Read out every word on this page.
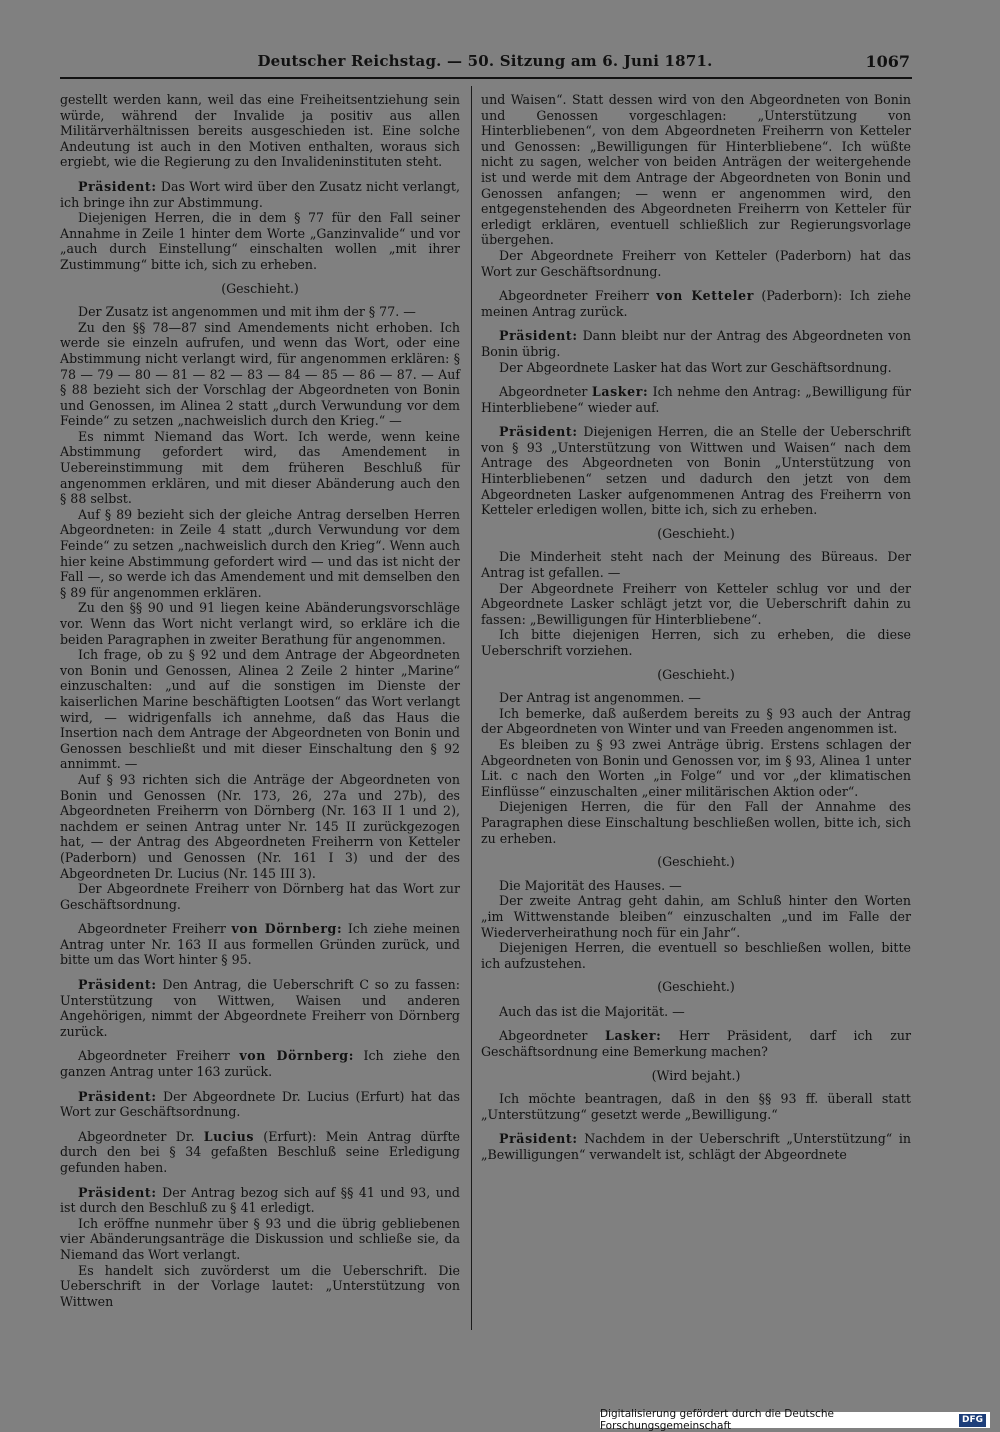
Deutscher Reichstag. — 50. Sitzung am 6. Juni 1871.	1067

gestellt werden kann, weil das eine Freiheitsentziehung sein würde, während der Invalide ja positiv aus allen Militärverhältnissen bereits ausgeschieden ist. Eine solche Andeutung ist auch in den Motiven enthalten, woraus sich ergiebt, wie die Regierung zu den Invalideninstituten steht.

Präsident: Das Wort wird über den Zusatz nicht verlangt, ich bringe ihn zur Abstimmung.

Diejenigen Herren, die in dem § 77 für den Fall seiner Annahme in Zeile 1 hinter dem Worte „Ganzinvalide“ und vor „auch durch Einstellung“ einschalten wollen „mit ihrer Zustimmung“ bitte ich, sich zu erheben.

(Geschieht.)

Der Zusatz ist angenommen und mit ihm der § 77. —

Zu den §§ 78—87 sind Amendements nicht erhoben. Ich werde sie einzeln aufrufen, und wenn das Wort, oder eine Abstimmung nicht verlangt wird, für angenommen erklären: § 78 — 79 — 80 — 81 — 82 — 83 — 84 — 85 — 86 — 87. — Auf § 88 bezieht sich der Vorschlag der Abgeordneten von Bonin und Genossen, im Alinea 2 statt „durch Verwundung vor dem Feinde“ zu setzen „nachweislich durch den Krieg.“ —

Es nimmt Niemand das Wort. Ich werde, wenn keine Abstimmung gefordert wird, das Amendement in Uebereinstimmung mit dem früheren Beschluß für angenommen erklären, und mit dieser Abänderung auch den § 88 selbst.

Auf § 89 bezieht sich der gleiche Antrag derselben Herren Abgeordneten: in Zeile 4 statt „durch Verwundung vor dem Feinde“ zu setzen „nachweislich durch den Krieg“. Wenn auch hier keine Abstimmung gefordert wird — und das ist nicht der Fall —, so werde ich das Amendement und mit demselben den § 89 für angenommen erklären.

Zu den §§ 90 und 91 liegen keine Abänderungsvorschläge vor. Wenn das Wort nicht verlangt wird, so erkläre ich die beiden Paragraphen in zweiter Berathung für angenommen.

Ich frage, ob zu § 92 und dem Antrage der Abgeordneten von Bonin und Genossen, Alinea 2 Zeile 2 hinter „Marine“ einzuschalten: „und auf die sonstigen im Dienste der kaiserlichen Marine beschäftigten Lootsen“ das Wort verlangt wird, — widrigenfalls ich annehme, daß das Haus die Insertion nach dem Antrage der Abgeordneten von Bonin und Genossen beschließt und mit dieser Einschaltung den § 92 annimmt. —

Auf § 93 richten sich die Anträge der Abgeordneten von Bonin und Genossen (Nr. 173, 26, 27a und 27b), des Abgeordneten Freiherrn von Dörnberg (Nr. 163 II 1 und 2), nachdem er seinen Antrag unter Nr. 145 II zurückgezogen hat, — der Antrag des Abgeordneten Freiherrn von Ketteler (Paderborn) und Genossen (Nr. 161 I 3) und der des Abgeordneten Dr. Lucius (Nr. 145 III 3).

Der Abgeordnete Freiherr von Dörnberg hat das Wort zur Geschäftsordnung.

Abgeordneter Freiherr von Dörnberg: Ich ziehe meinen Antrag unter Nr. 163 II aus formellen Gründen zurück, und bitte um das Wort hinter § 95.

Präsident: Den Antrag, die Ueberschrift C so zu fassen: Unterstützung von Wittwen, Waisen und anderen Angehörigen, nimmt der Abgeordnete Freiherr von Dörnberg zurück.

Abgeordneter Freiherr von Dörnberg: Ich ziehe den ganzen Antrag unter 163 zurück.

Präsident: Der Abgeordnete Dr. Lucius (Erfurt) hat das Wort zur Geschäftsordnung.

Abgeordneter Dr. Lucius (Erfurt): Mein Antrag dürfte durch den bei § 34 gefaßten Beschluß seine Erledigung gefunden haben.

Präsident: Der Antrag bezog sich auf §§ 41 und 93, und ist durch den Beschluß zu § 41 erledigt.

Ich eröffne nunmehr über § 93 und die übrig gebliebenen vier Abänderungsanträge die Diskussion und schließe sie, da Niemand das Wort verlangt.

Es handelt sich zuvörderst um die Ueberschrift. Die Ueberschrift in der Vorlage lautet: „Unterstützung von Wittwen

und Waisen“. Statt dessen wird von den Abgeordneten von Bonin und Genossen vorgeschlagen: „Unterstützung von Hinterbliebenen“, von dem Abgeordneten Freiherrn von Ketteler und Genossen: „Bewilligungen für Hinterbliebene“. Ich wüßte nicht zu sagen, welcher von beiden Anträgen der weitergehende ist und werde mit dem Antrage der Abgeordneten von Bonin und Genossen anfangen; — wenn er angenommen wird, den entgegenstehenden des Abgeordneten Freiherrn von Ketteler für erledigt erklären, eventuell schließlich zur Regierungsvorlage übergehen.

Der Abgeordnete Freiherr von Ketteler (Paderborn) hat das Wort zur Geschäftsordnung.

Abgeordneter Freiherr von Ketteler (Paderborn): Ich ziehe meinen Antrag zurück.

Präsident: Dann bleibt nur der Antrag des Abgeordneten von Bonin übrig.

Der Abgeordnete Lasker hat das Wort zur Geschäftsordnung.

Abgeordneter Lasker: Ich nehme den Antrag: „Bewilligung für Hinterbliebene“ wieder auf.

Präsident: Diejenigen Herren, die an Stelle der Ueberschrift von § 93 „Unterstützung von Wittwen und Waisen“ nach dem Antrage des Abgeordneten von Bonin „Unterstützung von Hinterbliebenen“ setzen und dadurch den jetzt von dem Abgeordneten Lasker aufgenommenen Antrag des Freiherrn von Ketteler erledigen wollen, bitte ich, sich zu erheben.

(Geschieht.)

Die Minderheit steht nach der Meinung des Büreaus. Der Antrag ist gefallen. —

Der Abgeordnete Freiherr von Ketteler schlug vor und der Abgeordnete Lasker schlägt jetzt vor, die Ueberschrift dahin zu fassen: „Bewilligungen für Hinterbliebene“.

Ich bitte diejenigen Herren, sich zu erheben, die diese Ueberschrift vorziehen.

(Geschieht.)

Der Antrag ist angenommen. —

Ich bemerke, daß außerdem bereits zu § 93 auch der Antrag der Abgeordneten von Winter und van Freeden angenommen ist.

Es bleiben zu § 93 zwei Anträge übrig. Erstens schlagen der Abgeordneten von Bonin und Genossen vor, im § 93, Alinea 1 unter Lit. c nach den Worten „in Folge“ und vor „der klimatischen Einflüsse“ einzuschalten „einer militärischen Aktion oder“.

Diejenigen Herren, die für den Fall der Annahme des Paragraphen diese Einschaltung beschließen wollen, bitte ich, sich zu erheben.

(Geschieht.)

Die Majorität des Hauses. —

Der zweite Antrag geht dahin, am Schluß hinter den Worten „im Wittwenstande bleiben“ einzuschalten „und im Falle der Wiederverheirathung noch für ein Jahr“.

Diejenigen Herren, die eventuell so beschließen wollen, bitte ich aufzustehen.

(Geschieht.)

Auch das ist die Majorität. —

Abgeordneter Lasker: Herr Präsident, darf ich zur Geschäftsordnung eine Bemerkung machen?

(Wird bejaht.)

Ich möchte beantragen, daß in den §§ 93 ff. überall statt „Unterstützung“ gesetzt werde „Bewilligung.“

Präsident: Nachdem in der Ueberschrift „Unterstützung“ in „Bewilligungen“ verwandelt ist, schlägt der Abgeordnete

Digitalisierung gefördert durch die Deutsche Forschungsgemeinschaft
DFG
